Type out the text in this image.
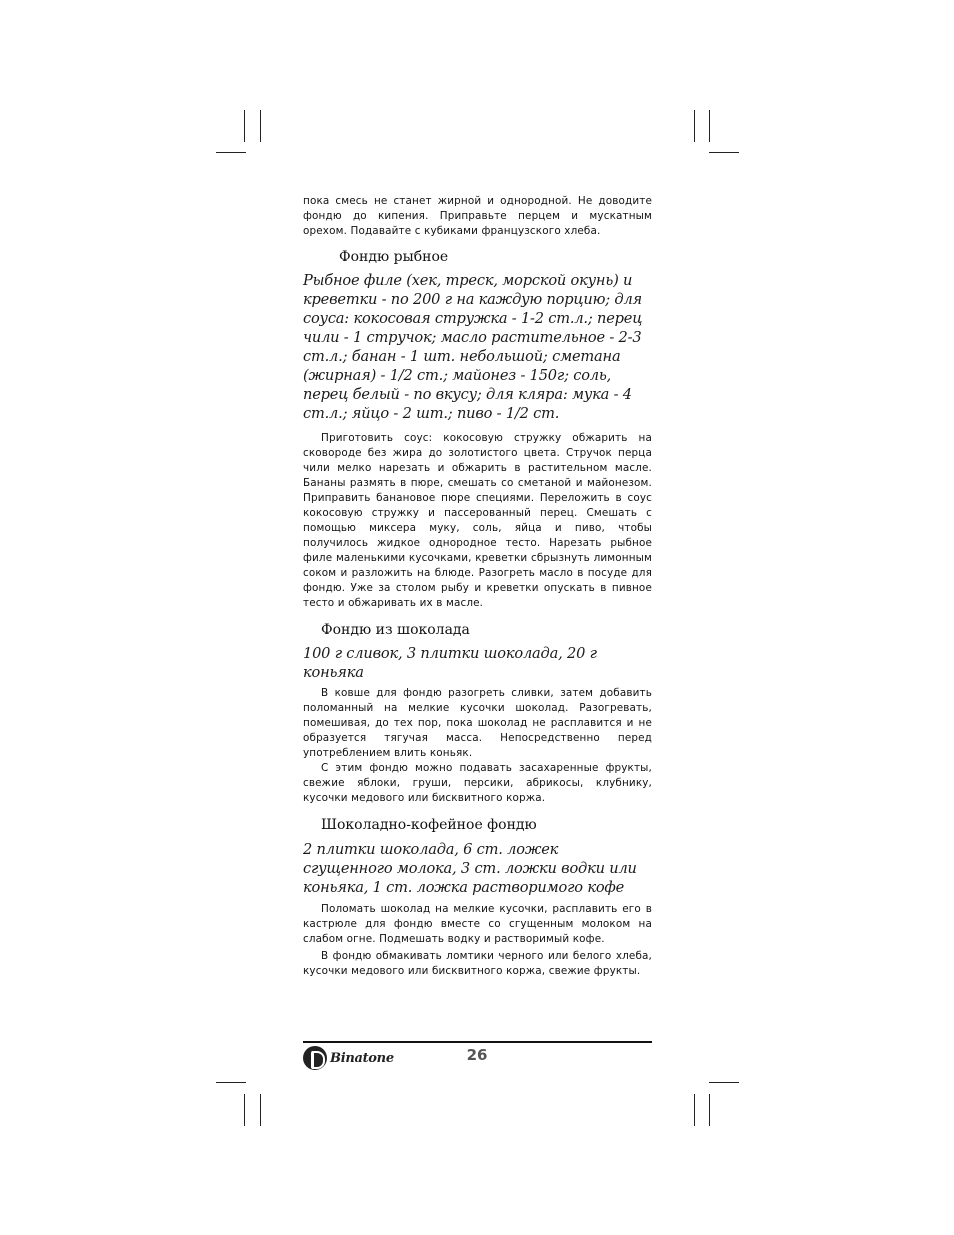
пока смесь не станет жирной и однородной. Не доводите фондю до кипения. Приправьте перцем и мускатным орехом. Подавайте с кубиками французского хлеба.

Фондю рыбное

Рыбное филе (хек, треск, морской окунь) и креветки - по 200 г на каждую порцию; для соуса: кокосовая стружка - 1-2 ст.л.; перец чили - 1 стручок; масло растительное - 2-3 ст.л.; банан - 1 шт. небольшой; сметана (жирная) - 1/2 ст.; майонез - 150г; соль, перец белый - по вкусу; для кляра: мука - 4 ст.л.; яйцо - 2 шт.; пиво - 1/2 ст.

Приготовить соус: кокосовую стружку обжарить на сковороде без жира до золотистого цвета. Стручок перца чили мелко нарезать и обжарить в растительном масле. Бананы размять в пюре, смешать со сметаной и майонезом. Приправить банановое пюре специями. Переложить в соус кокосовую стружку и пассерованный перец. Смешать с помощью миксера муку, соль, яйца и пиво, чтобы получилось жидкое однородное тесто. Нарезать рыбное филе маленькими кусочками, креветки сбрызнуть лимонным соком и разложить на блюде. Разогреть масло в посуде для фондю. Уже за столом рыбу и креветки опускать в пивное тесто и обжаривать их в масле.

Фондю из шоколада

100 г сливок, 3 плитки шоколада, 20 г коньяка

В ковше для фондю разогреть сливки, затем добавить поломанный на мелкие кусочки шоколад. Разогревать, помешивая, до тех пор, пока шоколад не расплавится и не образуется тягучая масса. Непосредственно перед употреблением влить коньяк.

С этим фондю можно подавать засахаренные фрукты, свежие яблоки, груши, персики, абрикосы, клубнику, кусочки медового или бисквитного коржа.

Шоколадно-кофейное фондю

2 плитки шоколада, 6 ст. ложек сгущенного молока, 3 ст. ложки водки или коньяка, 1 ст. ложка растворимого кофе

Поломать шоколад на мелкие кусочки, расплавить его в кастрюле для фондю вместе со сгущенным молоком на слабом огне. Подмешать водку и растворимый кофе.

В фондю обмакивать ломтики черного или белого хлеба, кусочки медового или бисквитного коржа, свежие фрукты.

Binatone	26
